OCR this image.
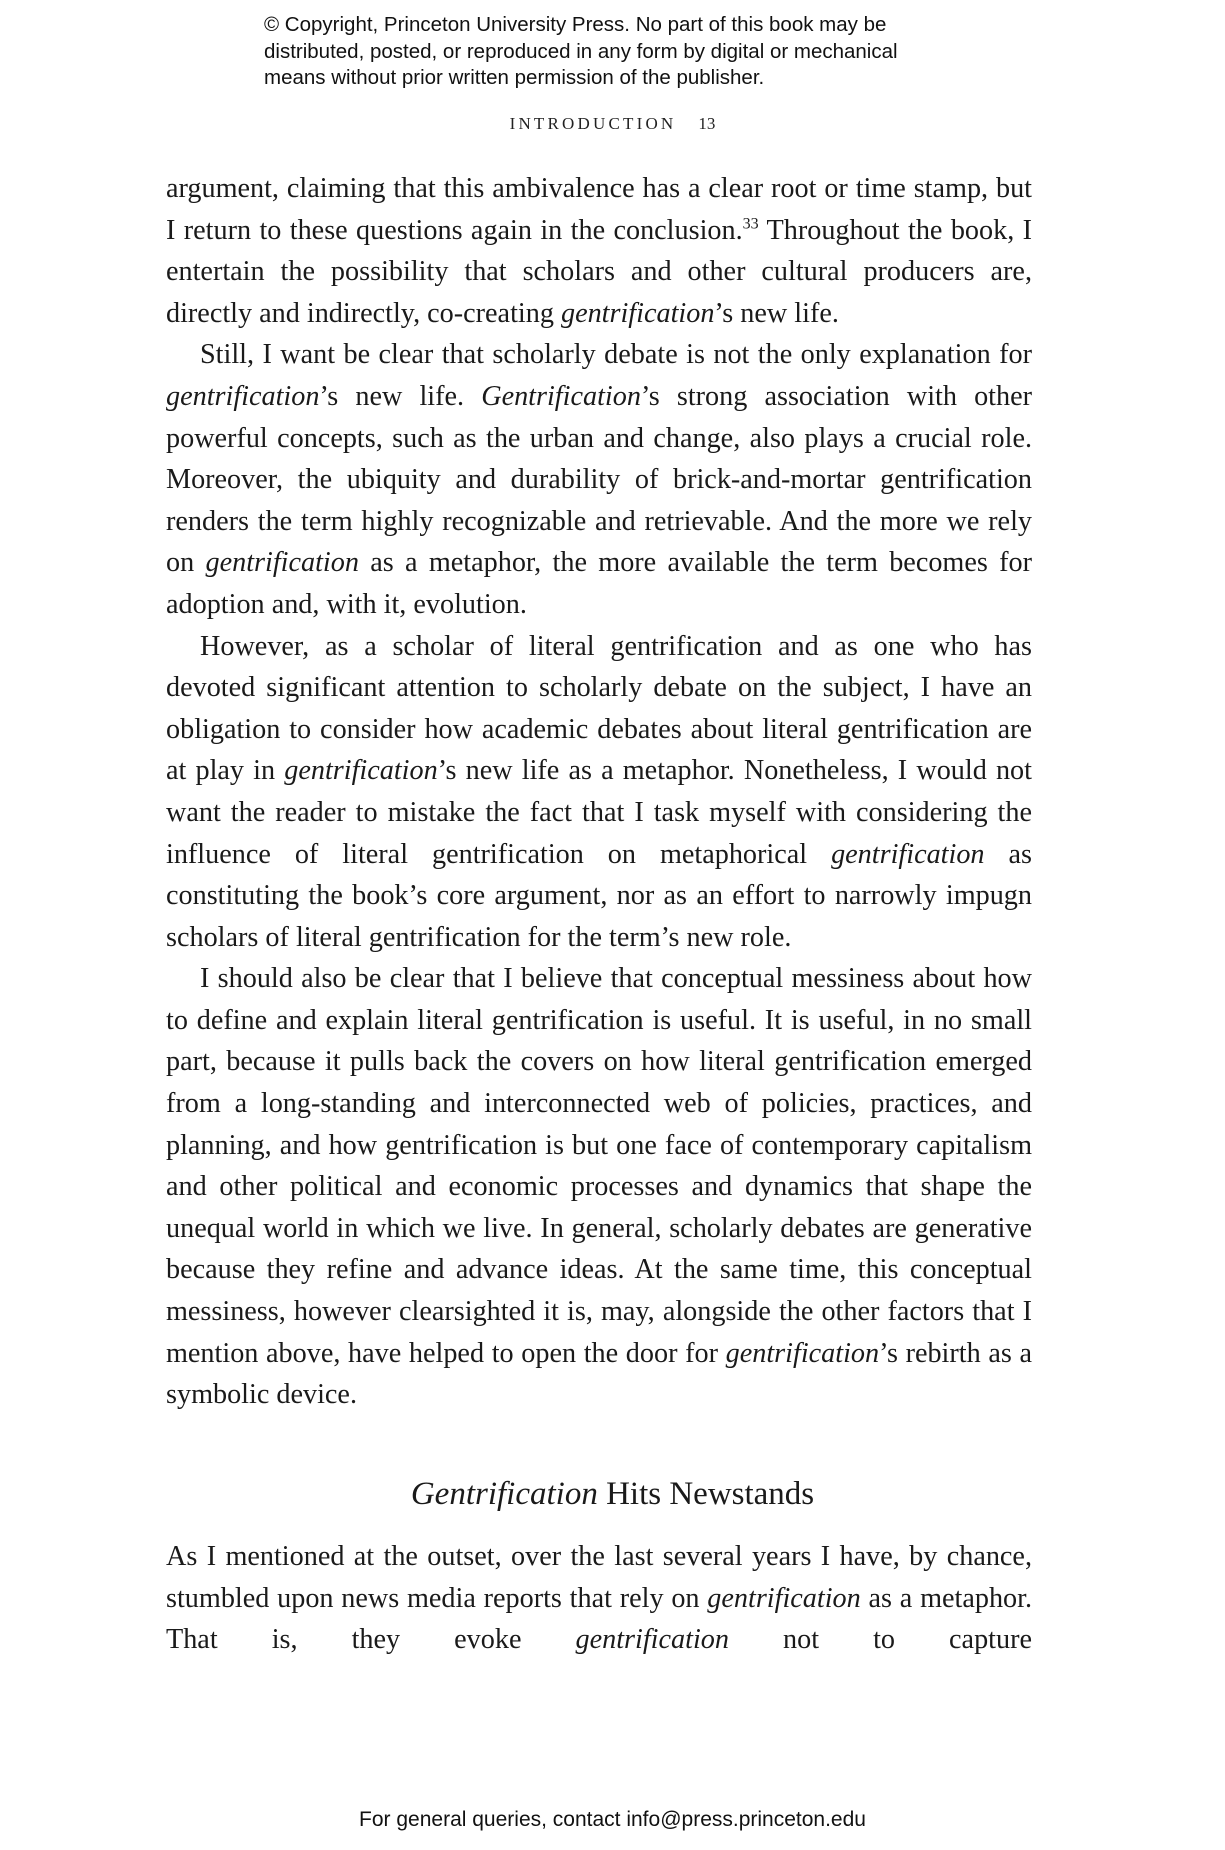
© Copyright, Princeton University Press. No part of this book may be
distributed, posted, or reproduced in any form by digital or mechanical
means without prior written permission of the publisher.
INTRODUCTION 13

argument, claiming that this ambivalence has a clear root or time stamp, but I return to these questions again in the conclusion.$^{33}$ Throughout the book, I entertain the possibility that scholars and other cultural producers are, directly and indirectly, co-creating gentrification’s new life.

Still, I want be clear that scholarly debate is not the only explanation for gentrification’s new life. Gentrification’s strong association with other powerful concepts, such as the urban and change, also plays a crucial role. Moreover, the ubiquity and durability of brick-and-mortar gentrification renders the term highly recognizable and retrievable. And the more we rely on gentrification as a metaphor, the more available the term becomes for adoption and, with it, evolution.

However, as a scholar of literal gentrification and as one who has devoted significant attention to scholarly debate on the subject, I have an obligation to consider how academic debates about literal gentrification are at play in gentrification’s new life as a metaphor. Nonetheless, I would not want the reader to mistake the fact that I task myself with considering the influence of literal gentrification on metaphorical gentrification as constituting the book’s core argument, nor as an effort to narrowly impugn scholars of literal gentrification for the term’s new role.

I should also be clear that I believe that conceptual messiness about how to define and explain literal gentrification is useful. It is useful, in no small part, because it pulls back the covers on how literal gentrification emerged from a long-standing and interconnected web of policies, practices, and planning, and how gentrification is but one face of contemporary capitalism and other political and economic processes and dynamics that shape the unequal world in which we live. In general, scholarly debates are generative because they refine and advance ideas. At the same time, this conceptual messiness, however clearsighted it is, may, alongside the other factors that I mention above, have helped to open the door for gentrification’s rebirth as a symbolic device.

Gentrification Hits Newstands

As I mentioned at the outset, over the last several years I have, by chance, stumbled upon news media reports that rely on gentrification as a metaphor. That is, they evoke gentrification not to capture

For general queries, contact info@press.princeton.edu
